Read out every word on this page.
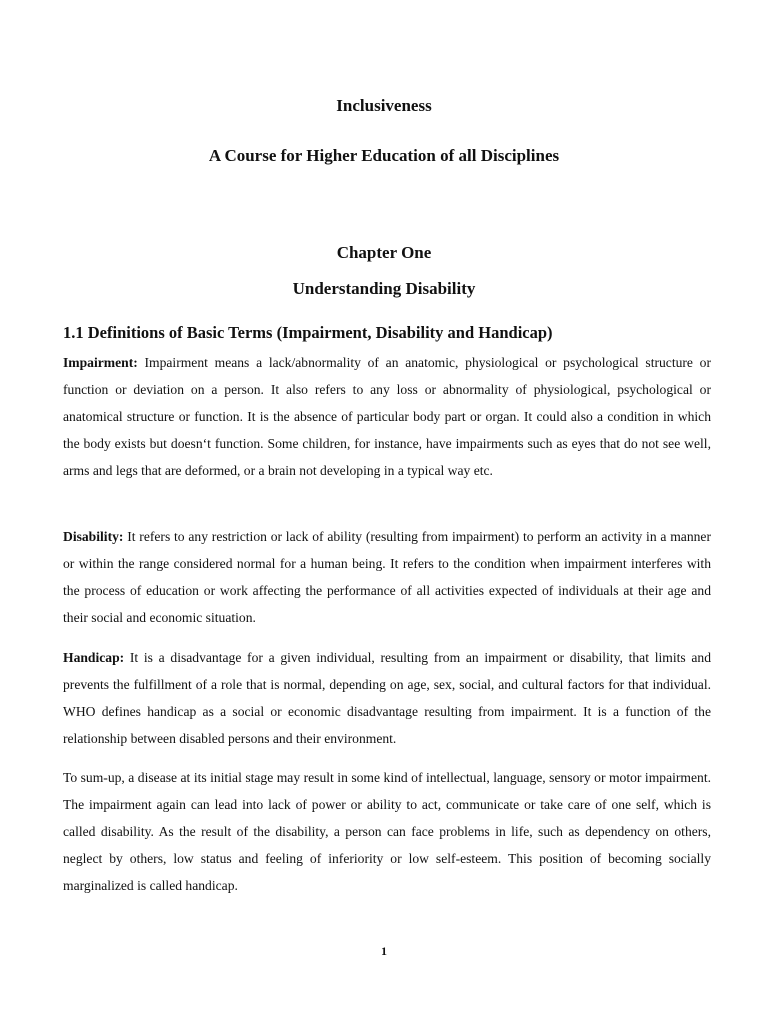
Inclusiveness
A Course for Higher Education of all Disciplines
Chapter One
Understanding Disability
1.1 Definitions of Basic Terms (Impairment, Disability and Handicap)

Impairment: Impairment means a lack/abnormality of an anatomic, physiological or psychological structure or function or deviation on a person. It also refers to any loss or abnormality of physiological, psychological or anatomical structure or function. It is the absence of particular body part or organ. It could also a condition in which the body exists but doesn‘t function. Some children, for instance, have impairments such as eyes that do not see well, arms and legs that are deformed, or a brain not developing in a typical way etc.

Disability: It refers to any restriction or lack of ability (resulting from impairment) to perform an activity in a manner or within the range considered normal for a human being. It refers to the condition when impairment interferes with the process of education or work affecting the performance of all activities expected of individuals at their age and their social and economic situation.

Handicap: It is a disadvantage for a given individual, resulting from an impairment or disability, that limits and prevents the fulfillment of a role that is normal, depending on age, sex, social, and cultural factors for that individual. WHO defines handicap as a social or economic disadvantage resulting from impairment. It is a function of the relationship between disabled persons and their environment.

To sum-up, a disease at its initial stage may result in some kind of intellectual, language, sensory or motor impairment. The impairment again can lead into lack of power or ability to act, communicate or take care of one self, which is called disability. As the result of the disability, a person can face problems in life, such as dependency on others, neglect by others, low status and feeling of inferiority or low self-esteem. This position of becoming socially marginalized is called handicap.

1
